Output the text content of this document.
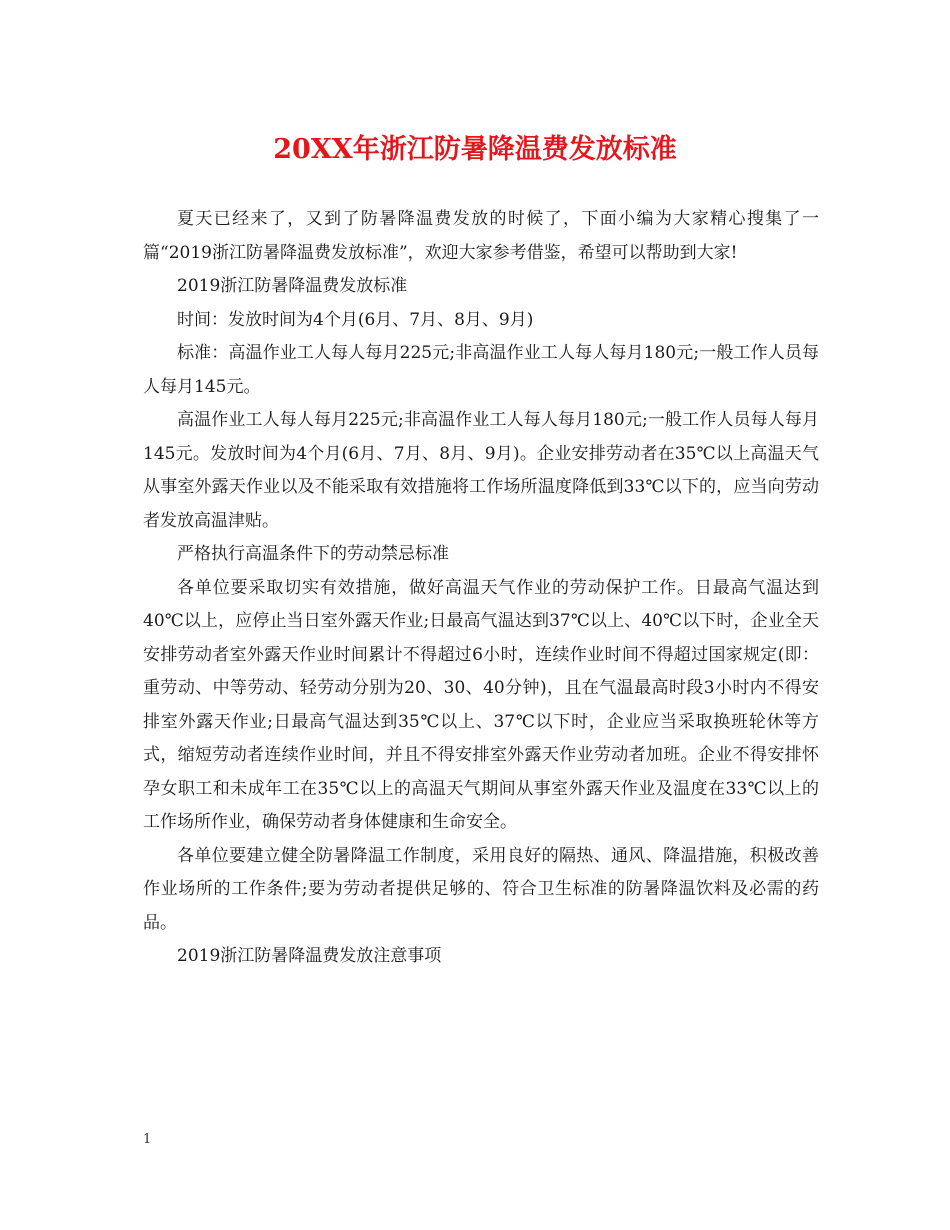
20XX年浙江防暑降温费发放标准

夏天已经来了，又到了防暑降温费发放的时候了，下面小编为大家精心搜集了一篇“2019浙江防暑降温费发放标准”，欢迎大家参考借鉴，希望可以帮助到大家!

2019浙江防暑降温费发放标准

时间：发放时间为4个月(6月、7月、8月、9月)

标准：高温作业工人每人每月225元;非高温作业工人每人每月180元;一般工作人员每人每月145元。

高温作业工人每人每月225元;非高温作业工人每人每月180元;一般工作人员每人每月145元。发放时间为4个月(6月、7月、8月、9月)。企业安排劳动者在35℃以上高温天气从事室外露天作业以及不能采取有效措施将工作场所温度降低到33℃以下的，应当向劳动者发放高温津贴。

严格执行高温条件下的劳动禁忌标准

各单位要采取切实有效措施，做好高温天气作业的劳动保护工作。日最高气温达到40℃以上，应停止当日室外露天作业;日最高气温达到37℃以上、40℃以下时，企业全天安排劳动者室外露天作业时间累计不得超过6小时，连续作业时间不得超过国家规定(即：重劳动、中等劳动、轻劳动分别为20、30、40分钟)，且在气温最高时段3小时内不得安排室外露天作业;日最高气温达到35℃以上、37℃以下时，企业应当采取换班轮休等方式，缩短劳动者连续作业时间，并且不得安排室外露天作业劳动者加班。企业不得安排怀孕女职工和未成年工在35℃以上的高温天气期间从事室外露天作业及温度在33℃以上的工作场所作业，确保劳动者身体健康和生命安全。

各单位要建立健全防暑降温工作制度，采用良好的隔热、通风、降温措施，积极改善作业场所的工作条件;要为劳动者提供足够的、符合卫生标准的防暑降温饮料及必需的药品。

2019浙江防暑降温费发放注意事项

1
